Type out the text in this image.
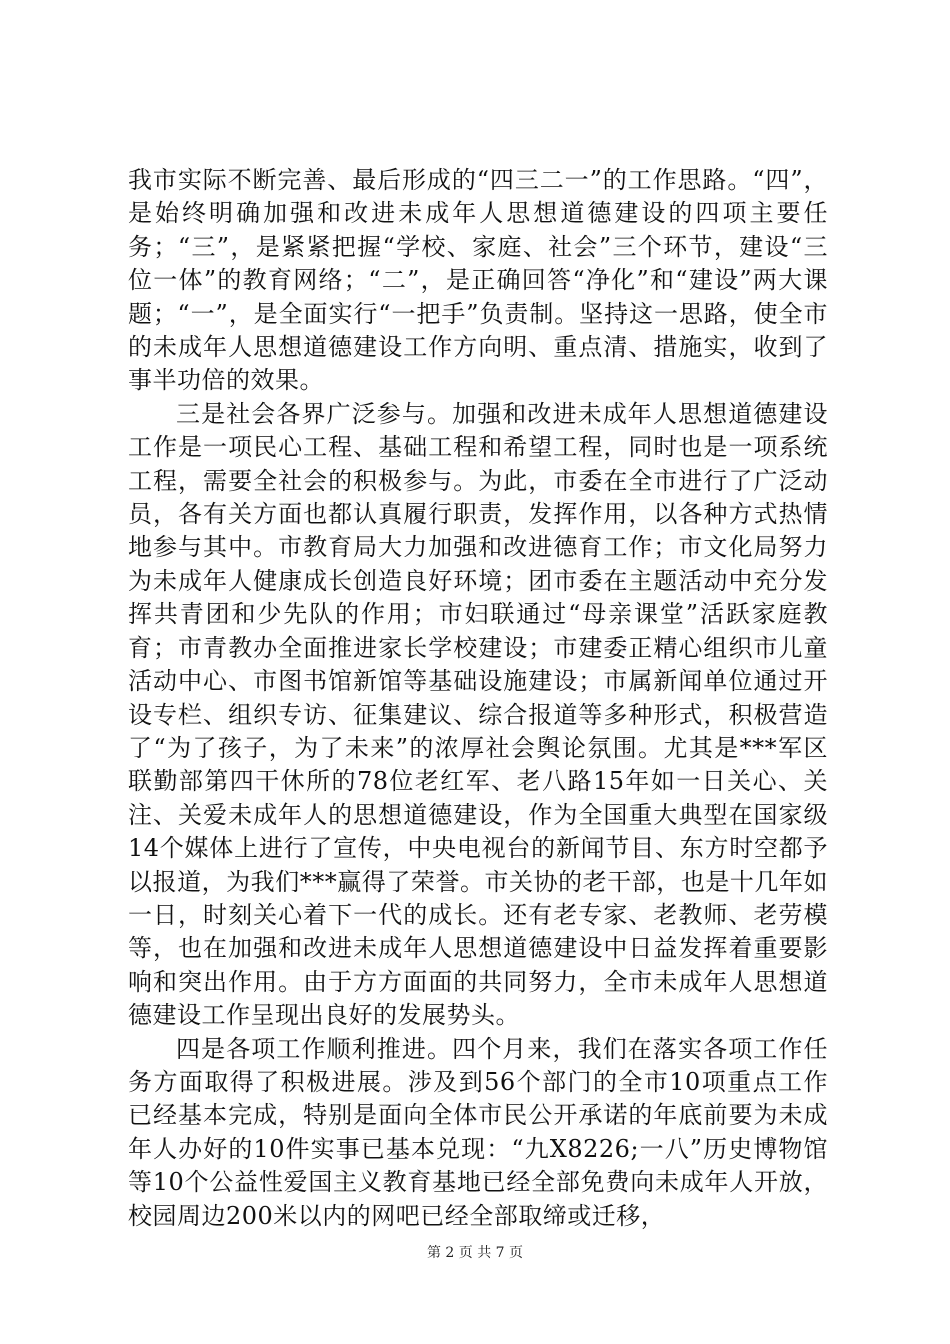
我市实际不断完善、最后形成的“四三二一”的工作思路。“四”，是始终明确加强和改进未成年人思想道德建设的四项主要任务；“三”，是紧紧把握“学校、家庭、社会”三个环节，建设“三位一体”的教育网络；“二”，是正确回答“净化”和“建设”两大课题；“一”，是全面实行“一把手”负责制。坚持这一思路，使全市的未成年人思想道德建设工作方向明、重点清、措施实，收到了事半功倍的效果。

三是社会各界广泛参与。加强和改进未成年人思想道德建设工作是一项民心工程、基础工程和希望工程，同时也是一项系统工程，需要全社会的积极参与。为此，市委在全市进行了广泛动员，各有关方面也都认真履行职责，发挥作用，以各种方式热情地参与其中。市教育局大力加强和改进德育工作；市文化局努力为未成年人健康成长创造良好环境；团市委在主题活动中充分发挥共青团和少先队的作用；市妇联通过“母亲课堂”活跃家庭教育；市青教办全面推进家长学校建设；市建委正精心组织市儿童活动中心、市图书馆新馆等基础设施建设；市属新闻单位通过开设专栏、组织专访、征集建议、综合报道等多种形式，积极营造了“为了孩子，为了未来”的浓厚社会舆论氛围。尤其是***军区联勤部第四干休所的78位老红军、老八路15年如一日关心、关注、关爱未成年人的思想道德建设，作为全国重大典型在国家级14个媒体上进行了宣传，中央电视台的新闻节目、东方时空都予以报道，为我们***赢得了荣誉。市关协的老干部，也是十几年如一日，时刻关心着下一代的成长。还有老专家、老教师、老劳模等，也在加强和改进未成年人思想道德建设中日益发挥着重要影响和突出作用。由于方方面面的共同努力，全市未成年人思想道德建设工作呈现出良好的发展势头。

四是各项工作顺利推进。四个月来，我们在落实各项工作任务方面取得了积极进展。涉及到56个部门的全市10项重点工作已经基本完成，特别是面向全体市民公开承诺的年底前要为未成年人办好的10件实事已基本兑现：“九X8226;一八”历史博物馆等10个公益性爱国主义教育基地已经全部免费向未成年人开放，校园周边200米以内的网吧已经全部取缔或迁移，

第 2 页 共 7 页
